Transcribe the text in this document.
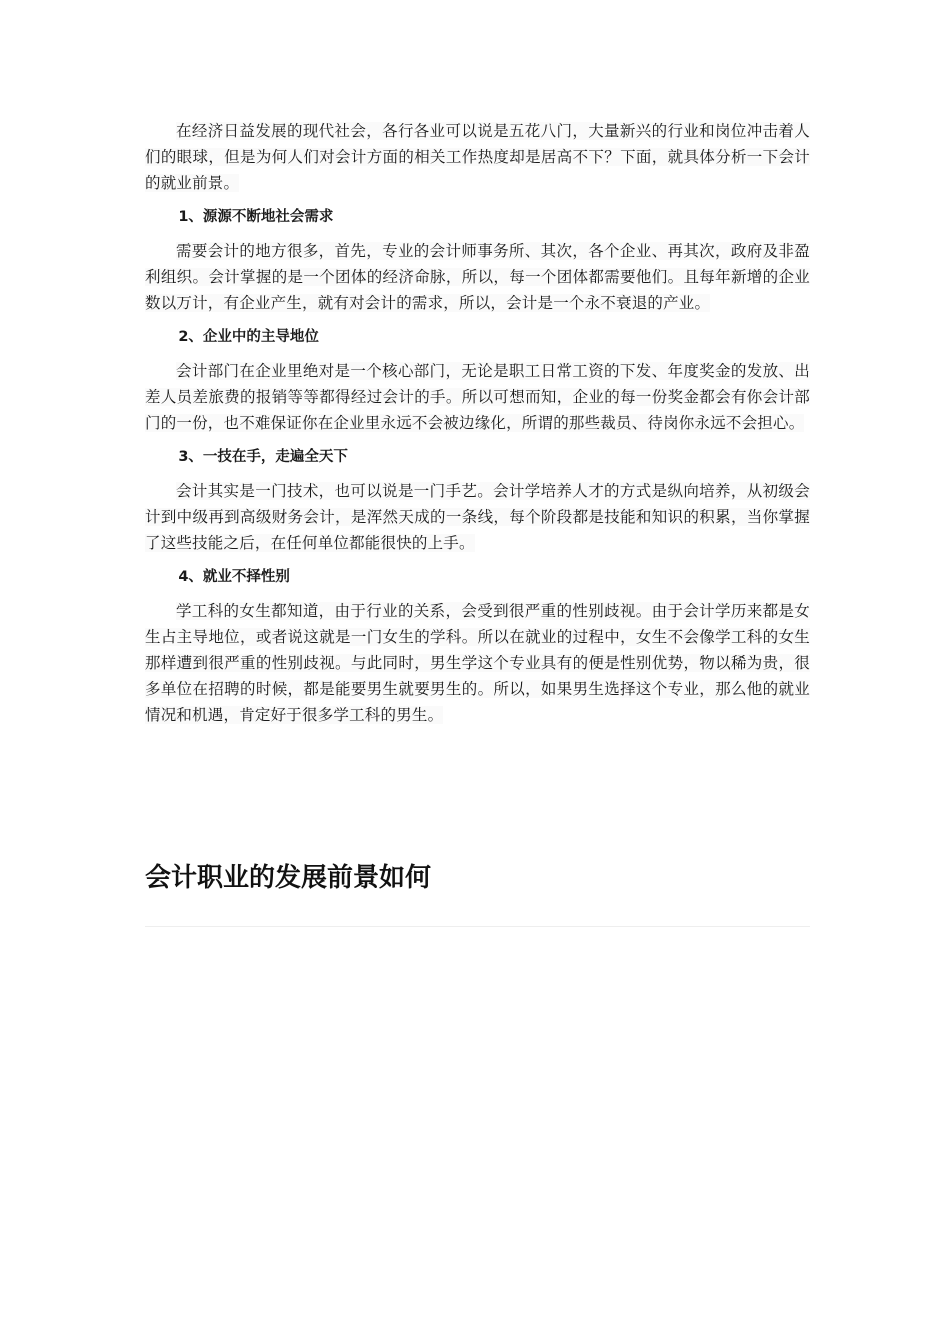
在经济日益发展的现代社会，各行各业可以说是五花八门，大量新兴的行业和岗位冲击着人们的眼球，但是为何人们对会计方面的相关工作热度却是居高不下？下面，就具体分析一下会计的就业前景。

1、源源不断地社会需求

需要会计的地方很多，首先，专业的会计师事务所、其次，各个企业、再其次，政府及非盈利组织。会计掌握的是一个团体的经济命脉，所以，每一个团体都需要他们。且每年新增的企业数以万计，有企业产生，就有对会计的需求，所以，会计是一个永不衰退的产业。

2、企业中的主导地位

会计部门在企业里绝对是一个核心部门，无论是职工日常工资的下发、年度奖金的发放、出差人员差旅费的报销等等都得经过会计的手。所以可想而知，企业的每一份奖金都会有你会计部门的一份，也不难保证你在企业里永远不会被边缘化，所谓的那些裁员、待岗你永远不会担心。

3、一技在手，走遍全天下

会计其实是一门技术，也可以说是一门手艺。会计学培养人才的方式是纵向培养，从初级会计到中级再到高级财务会计，是浑然天成的一条线，每个阶段都是技能和知识的积累，当你掌握了这些技能之后，在任何单位都能很快的上手。

4、就业不择性别

学工科的女生都知道，由于行业的关系，会受到很严重的性别歧视。由于会计学历来都是女生占主导地位，或者说这就是一门女生的学科。所以在就业的过程中，女生不会像学工科的女生那样遭到很严重的性别歧视。与此同时，男生学这个专业具有的便是性别优势，物以稀为贵，很多单位在招聘的时候，都是能要男生就要男生的。所以，如果男生选择这个专业，那么他的就业情况和机遇，肯定好于很多学工科的男生。

会计职业的发展前景如何
